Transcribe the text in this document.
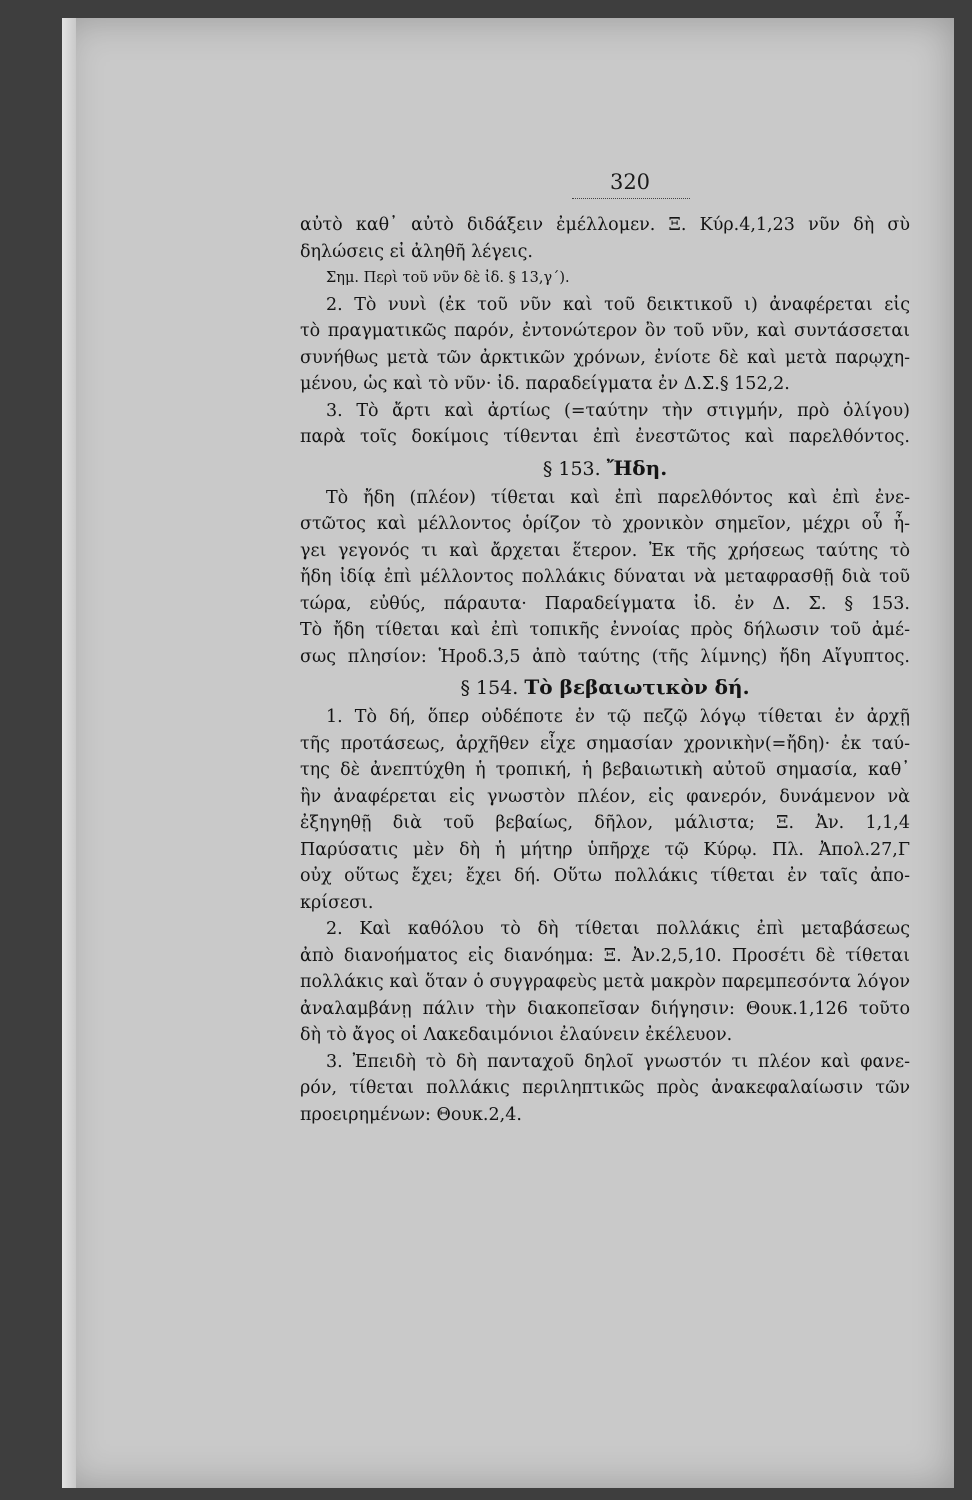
320
αὐτὸ καθ᾽ αὐτὸ διδάξειν ἐμέλλομεν. Ξ. Κύρ.4,1,23 νῦν δὴ σὺ
δηλώσεις εἰ ἀληθῆ λέγεις.
Σημ. Περὶ τοῦ νῦν δὲ ἰδ. § 13,γ΄).
2. Τὸ νυνὶ (ἐκ τοῦ νῦν καὶ τοῦ δεικτικοῦ ι) ἀναφέρεται εἰς
τὸ πραγματικῶς παρόν, ἐντονώτερον ὂν τοῦ νῦν, καὶ συντάσσεται
συνήθως μετὰ τῶν ἀρκτικῶν χρόνων, ἐνίοτε δὲ καὶ μετὰ παρῳχη-
μένου, ὡς καὶ τὸ νῦν· ἰδ. παραδείγματα ἐν Δ.Σ.§ 152,2.
3. Τὸ ἄρτι καὶ ἀρτίως (=ταύτην τὴν στιγμήν, πρὸ ὀλίγου)
παρὰ τοῖς δοκίμοις τίθενται ἐπὶ ἐνεστῶτος καὶ παρελθόντος.
§ 153. Ἤδη.
Τὸ ἤδη (πλέον) τίθεται καὶ ἐπὶ παρελθόντος καὶ ἐπὶ ἐνε-
στῶτος καὶ μέλλοντος ὁρίζον τὸ χρονικὸν σημεῖον, μέχρι οὗ ἦ-
γει γεγονός τι καὶ ἄρχεται ἕτερον. Ἐκ τῆς χρήσεως ταύτης τὸ
ἤδη ἰδίᾳ ἐπὶ μέλλοντος πολλάκις δύναται νὰ μεταφρασθῇ διὰ τοῦ
τώρα, εὐθύς, πάραυτα· Παραδείγματα ἰδ. ἐν Δ. Σ. § 153.
Τὸ ἤδη τίθεται καὶ ἐπὶ τοπικῆς ἐννοίας πρὸς δήλωσιν τοῦ ἀμέ-
σως πλησίον: Ἡροδ.3,5 ἀπὸ ταύτης (τῆς λίμνης) ἤδη Αἴγυπτος.
§ 154. Τὸ βεβαιωτικὸν δή.
1. Τὸ δή, ὅπερ οὐδέποτε ἐν τῷ πεζῷ λόγῳ τίθεται ἐν ἀρχῇ
τῆς προτάσεως, ἀρχῆθεν εἶχε σημασίαν χρονικὴν(=ἤδη)· ἐκ ταύ-
της δὲ ἀνεπτύχθη ἡ τροπική, ἡ βεβαιωτικὴ αὐτοῦ σημασία, καθ᾽
ἣν ἀναφέρεται εἰς γνωστὸν πλέον, εἰς φανερόν, δυνάμενον νὰ
ἐξηγηθῇ διὰ τοῦ βεβαίως, δῆλον, μάλιστα; Ξ. Ἀν. 1,1,4
Παρύσατις μὲν δὴ ἡ μήτηρ ὑπῆρχε τῷ Κύρῳ. Πλ. Ἀπολ.27,Γ
οὐχ οὕτως ἔχει; ἔχει δή. Οὕτω πολλάκις τίθεται ἐν ταῖς ἀπο-
κρίσεσι.
2. Καὶ καθόλου τὸ δὴ τίθεται πολλάκις ἐπὶ μεταβάσεως
ἀπὸ διανοήματος εἰς διανόημα: Ξ. Ἀν.2,5,10. Προσέτι δὲ τίθεται
πολλάκις καὶ ὅταν ὁ συγγραφεὺς μετὰ μακρὸν παρεμπεσόντα λόγον
ἀναλαμβάνῃ πάλιν τὴν διακοπεῖσαν διήγησιν: Θουκ.1,126 τοῦτο
δὴ τὸ ἄγος οἱ Λακεδαιμόνιοι ἐλαύνειν ἐκέλευον.
3. Ἐπειδὴ τὸ δὴ πανταχοῦ δηλοῖ γνωστόν τι πλέον καὶ φανε-
ρόν, τίθεται πολλάκις περιληπτικῶς πρὸς ἀνακεφαλαίωσιν τῶν
προειρημένων: Θουκ.2,4.
